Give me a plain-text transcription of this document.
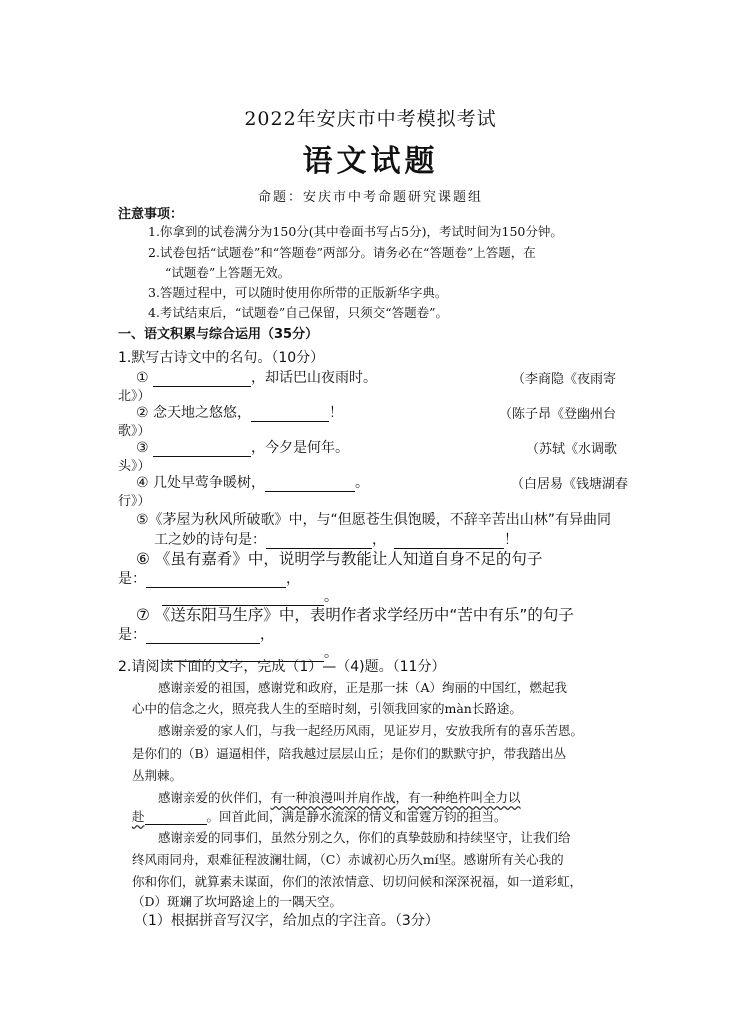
2022年安庆市中考模拟考试
语文试题
命题：安庆市中考命题研究课题组
注意事项：
1.你拿到的试卷满分为150分(其中卷面书写占5分)，考试时间为150分钟。
2.试卷包括“试题卷”和“答题卷”两部分。请务必在“答题卷”上答题，在
“试题卷”上答题无效。
3.答题过程中，可以随时使用你所带的正版新华字典。
4.考试结束后，“试题卷”自己保留，只须交“答题卷”。
一、语文积累与综合运用（35分）
1.默写古诗文中的名句。（10分）
①	，却话巴山夜雨时。	（李商隐《夜雨寄
北》）
② 念天地之悠悠，	！	（陈子昂《登幽州台
歌》）
③	，今夕是何年。	（苏轼《水调歌
头》）
④ 几处早莺争暖树，	。	（白居易《钱塘湖春
行》）
⑤《茅屋为秋风所破歌》中，与“但愿苍生俱饱暖，不辞辛苦出山林”有异曲同
工之妙的诗句是：	，	！
⑥ 《虽有嘉肴》中，说明学与教能让人知道自身不足的句子
是：	，
。
⑦ 《送东阳马生序》中，表明作者求学经历中“苦中有乐”的句子
是：	，
。
2.请阅读下面的文字，完成（1）—（4)题。（11分）
感谢亲爱的祖国，感谢党和政府，正是那一抹（A）绚丽的中国红，燃起我
心中的信念之火，照亮我人生的至暗时刻，引领我回家的màn长路途。
感谢亲爱的家人们，与我一起经历风雨，见证岁月，安放我所有的喜乐苦恩。
是你们的（B）逼逼相伴，陪我越过层层山丘；是你们的默默守护，带我踏出丛
丛荆棘。
感谢亲爱的伙伴们，有一种浪漫叫并肩作战，有一种绝杵叫全力以
赴	。回首此间，满是静水流深的情义和雷霆万钧的担当。
感谢亲爱的同事们，虽然分别之久，你们的真挚鼓励和持续坚守，让我们给
终风雨同舟，艰难征程波澜壮阔，（C）赤诚初心历久mí坚。感谢所有关心我的
你和你们，就算素未谋面，你们的浓浓情意、切切问候和深深祝福，如一道彩虹，
（D）斑斓了坎坷路途上的一隅天空。
（1）根据拼音写汉字，给加点的字注音。（3分）
